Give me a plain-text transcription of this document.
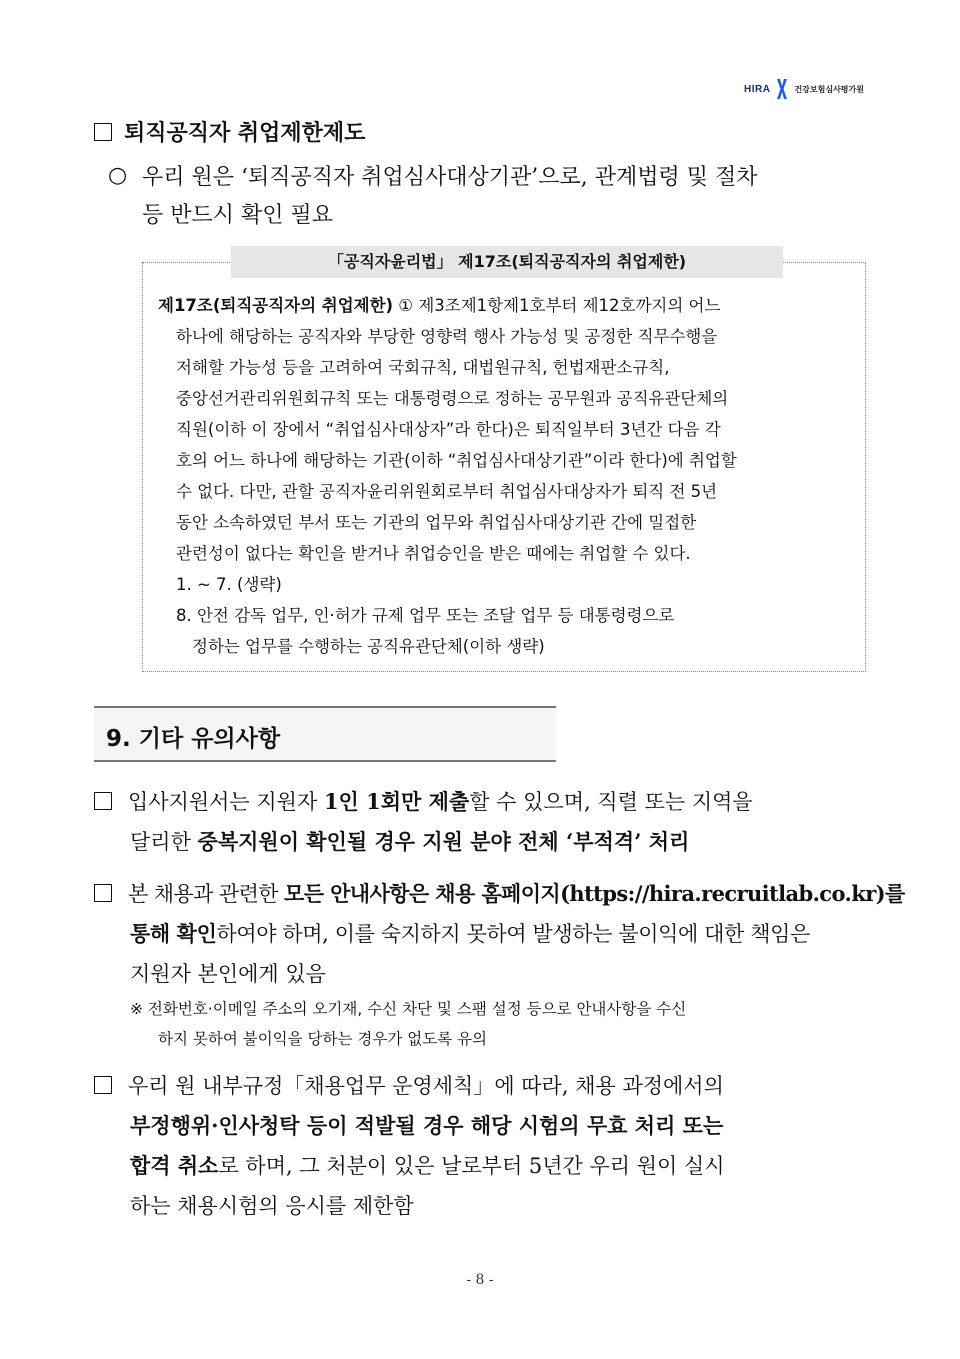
HIRA	건강보험심사평가원
퇴직공직자 취업제한제도
○ 우리 원은 ‘퇴직공직자 취업심사대상기관’으로, 관계법령 및 절차
등 반드시 확인 필요
「공직자윤리법」 제17조(퇴직공직자의 취업제한)
제17조(퇴직공직자의 취업제한) ① 제3조제1항제1호부터 제12호까지의 어느
하나에 해당하는 공직자와 부당한 영향력 행사 가능성 및 공정한 직무수행을
저해할 가능성 등을 고려하여 국회규칙, 대법원규칙, 헌법재판소규칙,
중앙선거관리위원회규칙 또는 대통령령으로 정하는 공무원과 공직유관단체의
직원(이하 이 장에서 “취업심사대상자”라 한다)은 퇴직일부터 3년간 다음 각
호의 어느 하나에 해당하는 기관(이하 “취업심사대상기관”이라 한다)에 취업할
수 없다. 다만, 관할 공직자윤리위원회로부터 취업심사대상자가 퇴직 전 5년
동안 소속하였던 부서 또는 기관의 업무와 취업심사대상기관 간에 밀접한
관련성이 없다는 확인을 받거나 취업승인을 받은 때에는 취업할 수 있다.
1. ~ 7. (생략)
8. 안전 감독 업무, 인·허가 규제 업무 또는 조달 업무 등 대통령령으로
정하는 업무를 수행하는 공직유관단체(이하 생략)
9. 기타 유의사항
입사지원서는 지원자 1인 1회만 제출할 수 있으며, 직렬 또는 지역을
달리한 중복지원이 확인될 경우 지원 분야 전체 ‘부적격’ 처리
본 채용과 관련한 모든 안내사항은 채용 홈페이지(https://hira.recruitlab.co.kr)를
통해 확인하여야 하며, 이를 숙지하지 못하여 발생하는 불이익에 대한 책임은
지원자 본인에게 있음
※ 전화번호·이메일 주소의 오기재, 수신 차단 및 스팸 설정 등으로 안내사항을 수신
하지 못하여 불이익을 당하는 경우가 없도록 유의
우리 원 내부규정「채용업무 운영세칙」에 따라, 채용 과정에서의
부정행위·인사청탁 등이 적발될 경우 해당 시험의 무효 처리 또는
합격 취소로 하며, 그 처분이 있은 날로부터 5년간 우리 원이 실시
하는 채용시험의 응시를 제한함
- 8 -
